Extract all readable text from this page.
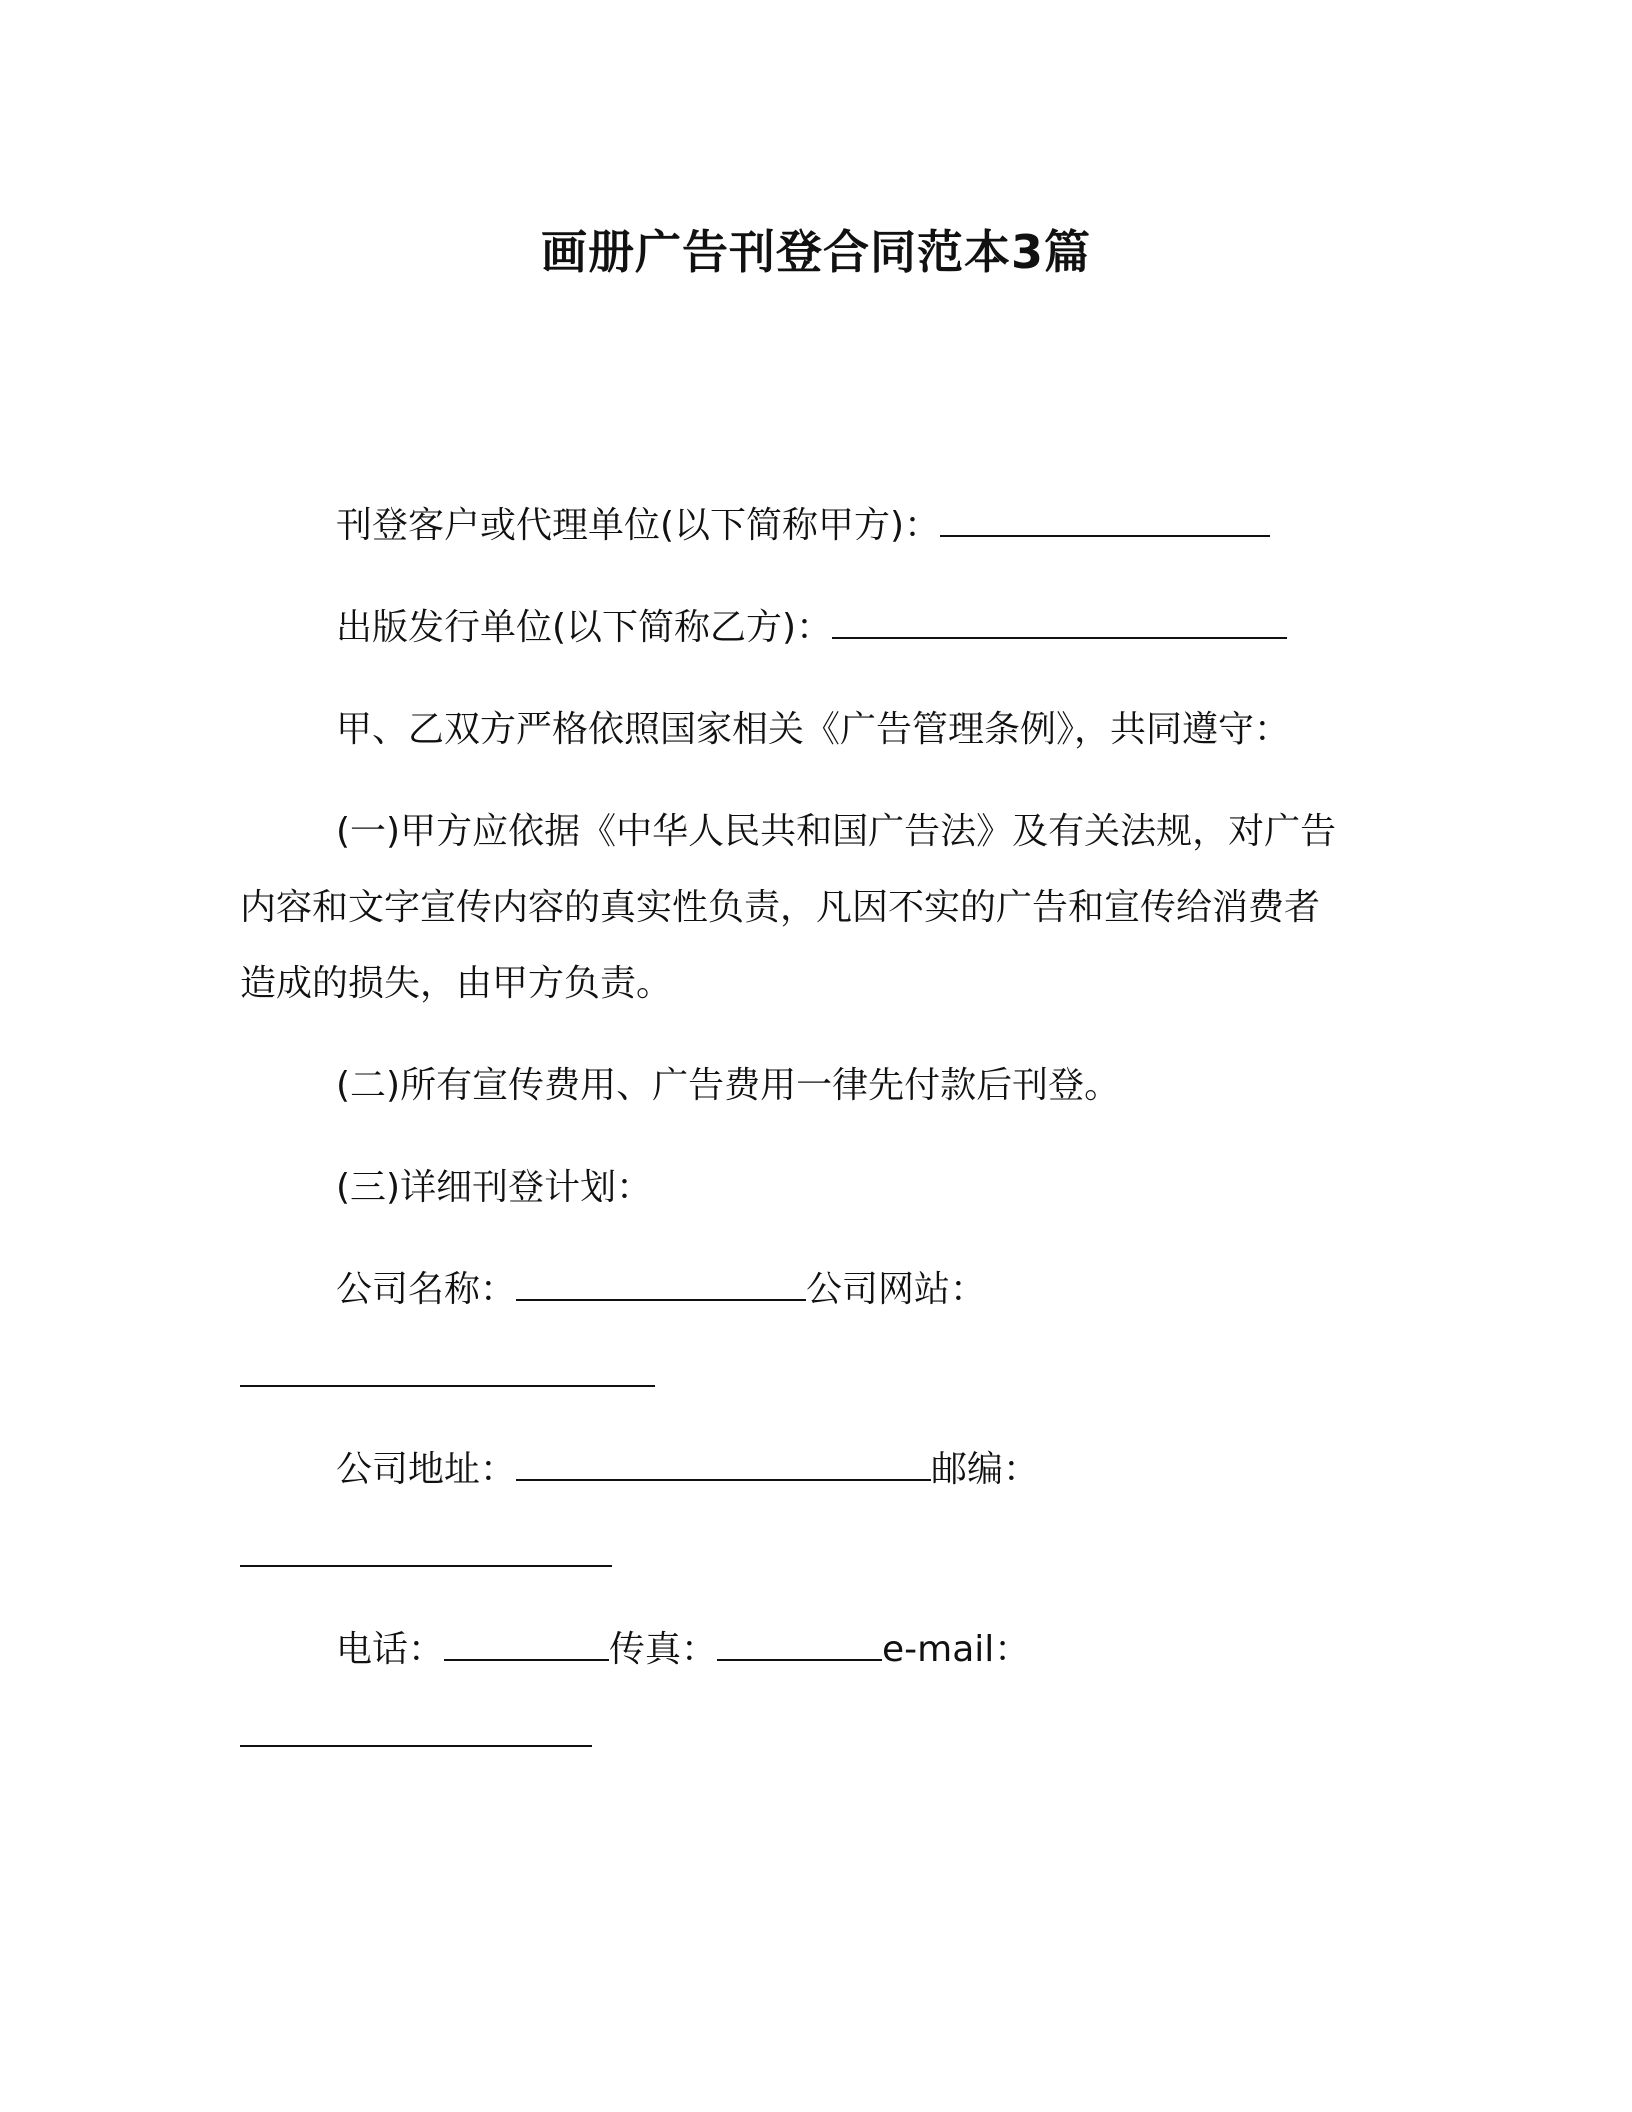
画册广告刊登合同范本3篇
刊登客户或代理单位(以下简称甲方)：
出版发行单位(以下简称乙方)：
甲、乙双方严格依照国家相关《广告管理条例》，共同遵守：
(一)甲方应依据《中华人民共和国广告法》及有关法规，对广告
内容和文字宣传内容的真实性负责，凡因不实的广告和宣传给消费者
造成的损失，由甲方负责。
(二)所有宣传费用、广告费用一律先付款后刊登。
(三)详细刊登计划：
公司名称：	公司网站：
公司地址：	邮编：
电话：	传真：	e-mail：
